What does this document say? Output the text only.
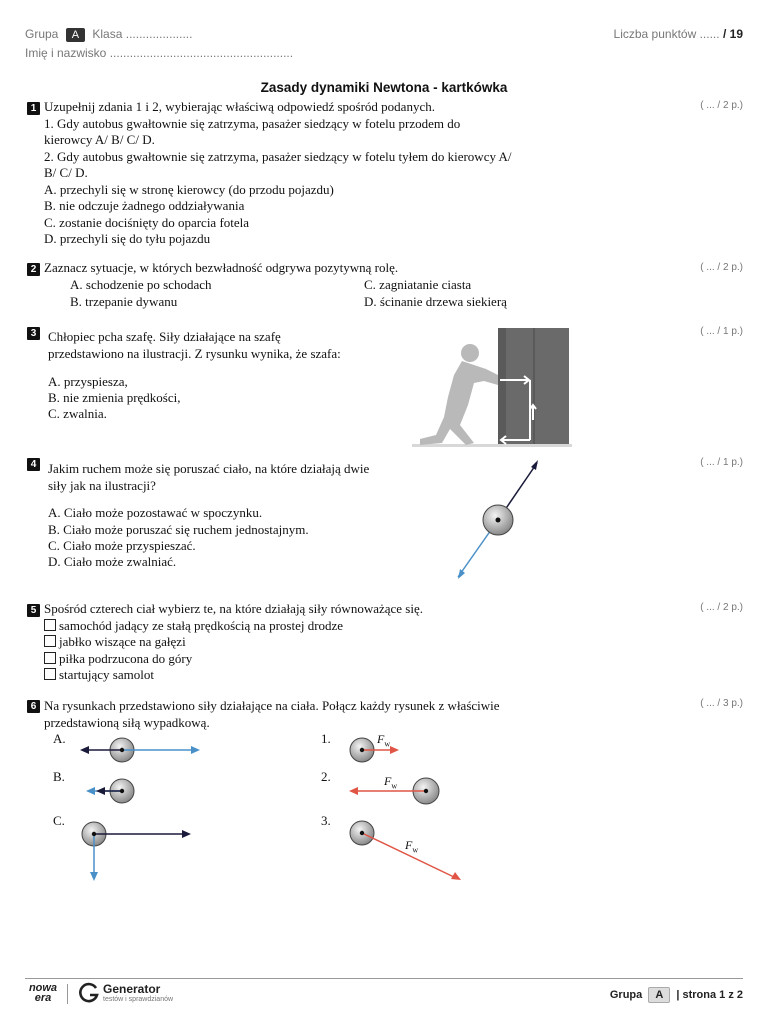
Grupa A Klasa ....................
Imię i nazwisko .......................................................
Liczba punktów ...... / 19
Zasady dynamiki Newtona - kartkówka
1	( ... / 2 p.)
Uzupełnij zdania 1 i 2, wybierając właściwą odpowiedź spośród podanych.
1. Gdy autobus gwałtownie się zatrzyma, pasażer siedzący w fotelu przodem do
kierowcy A/ B/ C/ D.
2. Gdy autobus gwałtownie się zatrzyma, pasażer siedzący w fotelu tyłem do kierowcy A/
B/ C/ D.
A. przechyli się w stronę kierowcy (do przodu pojazdu)
B. nie odczuje żadnego oddziaływania
C. zostanie dociśnięty do oparcia fotela
D. przechyli się do tyłu pojazdu
2	( ... / 2 p.)
Zaznacz sytuacje, w których bezwładność odgrywa pozytywną rolę.
A. schodzenie po schodach	C. zagniatanie ciasta
B. trzepanie dywanu	D. ścinanie drzewa siekierą
3	( ... / 1 p.)
Chłopiec pcha szafę. Siły działające na szafę
przedstawiono na ilustracji. Z rysunku wynika, że szafa:
A. przyspiesza,
B. nie zmienia prędkości,
C. zwalnia.
4	( ... / 1 p.)
Jakim ruchem może się poruszać ciało, na które działają dwie
siły jak na ilustracji?
A. Ciało może pozostawać w spoczynku.
B. Ciało może poruszać się ruchem jednostajnym.
C. Ciało może przyspieszać.
D. Ciało może zwalniać.
5	( ... / 2 p.)
Spośród czterech ciał wybierz te, na które działają siły równoważące się.
samochód jadący ze stałą prędkością na prostej drodze
jabłko wiszące na gałęzi
piłka podrzucona do góry
startujący samolot
6	( ... / 3 p.)
Na rysunkach przedstawiono siły działające na ciała. Połącz każdy rysunek z właściwie
przedstawioną siłą wypadkową.
A.
B.
C.
1.
2.
3.
$F_w$
$F_w$
$F_w$
nowa
era
Generator
testów i sprawdzianów	Grupa A | strona 1 z 2
